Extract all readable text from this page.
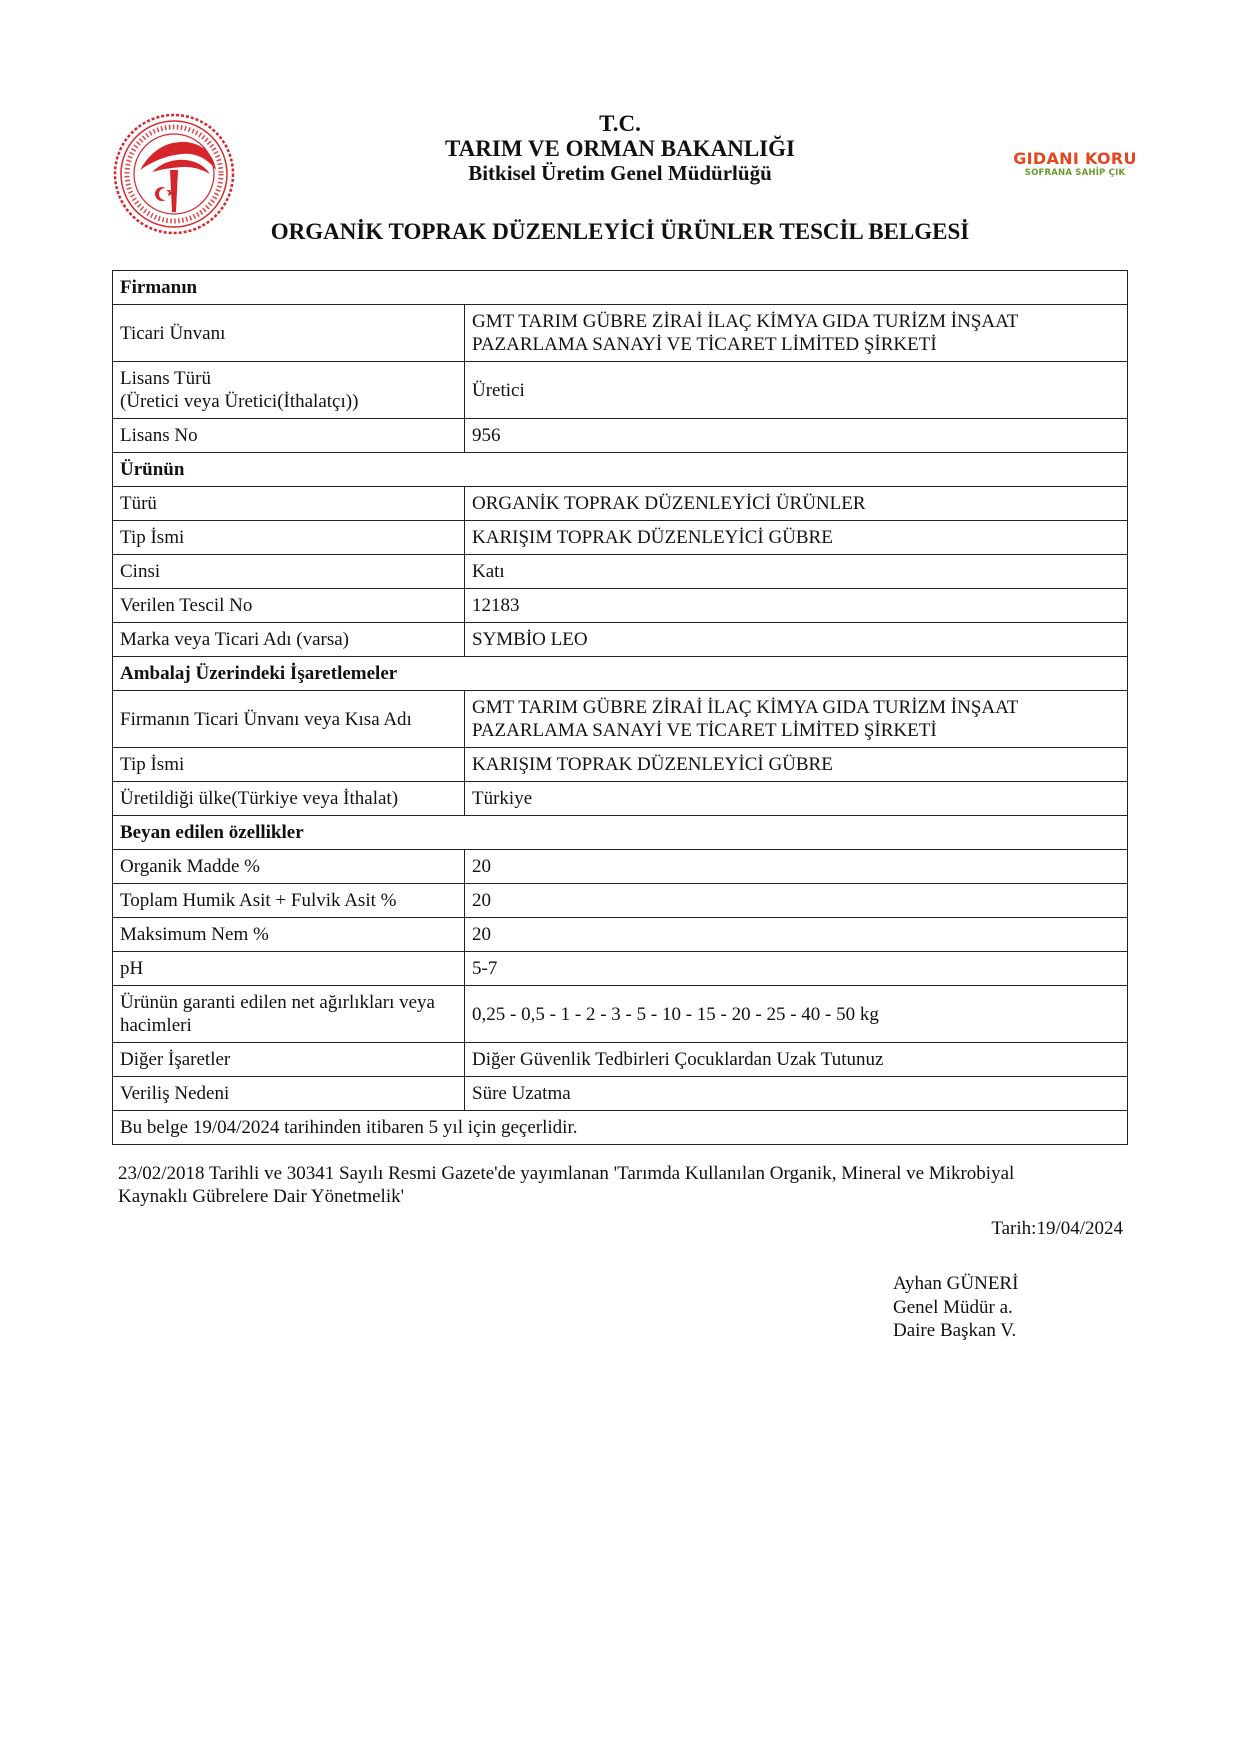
GIDANI KORU
SOFRANA SAHİP ÇIK
T.C.
TARIM VE ORMAN BAKANLIĞI
Bitkisel Üretim Genel Müdürlüğü
ORGANİK TOPRAK DÜZENLEYİCİ ÜRÜNLER TESCİL BELGESİ
Firmanın	
Ticari Ünvanı	GMT TARIM GÜBRE ZİRAİ İLAÇ KİMYA GIDA TURİZM İNŞAAT
PAZARLAMA SANAYİ VE TİCARET LİMİTED ŞİRKETİ

Lisans Türü
(Üretici veya Üretici(İthalatçı))	Üretici
Lisans No	956
Ürünün	
Türü	ORGANİK TOPRAK DÜZENLEYİCİ ÜRÜNLER
Tip İsmi	KARIŞIM TOPRAK DÜZENLEYİCİ GÜBRE
Cinsi	Katı
Verilen Tescil No	12183
Marka veya Ticari Adı (varsa)	SYMBİO LEO
Ambalaj Üzerindeki İşaretlemeler	
Firmanın Ticari Ünvanı veya Kısa Adı	GMT TARIM GÜBRE ZİRAİ İLAÇ KİMYA GIDA TURİZM İNŞAAT
PAZARLAMA SANAYİ VE TİCARET LİMİTED ŞİRKETİ

Tip İsmi	KARIŞIM TOPRAK DÜZENLEYİCİ GÜBRE
Üretildiği ülke(Türkiye veya İthalat)	Türkiye
Beyan edilen özellikler	
Organik Madde %	20
Toplam Humik Asit + Fulvik Asit %	20
Maksimum Nem %	20
pH	5-7

Ürünün garanti edilen net ağırlıkları veya
hacimleri	0,25 - 0,5 - 1 - 2 - 3 - 5 - 10 - 15 - 20 - 25 - 40 - 50 kg
Diğer İşaretler	Diğer Güvenlik Tedbirleri Çocuklardan Uzak Tutunuz
Veriliş Nedeni	Süre Uzatma
Bu belge 19/04/2024 tarihinden itibaren 5 yıl için geçerlidir.	
23/02/2018 Tarihli ve 30341 Sayılı Resmi Gazete'de yayımlanan 'Tarımda Kullanılan Organik, Mineral ve Mikrobiyal
Kaynaklı Gübrelere Dair Yönetmelik'
Tarih:19/04/2024
Ayhan GÜNERİ
Genel Müdür a.
Daire Başkan V.
